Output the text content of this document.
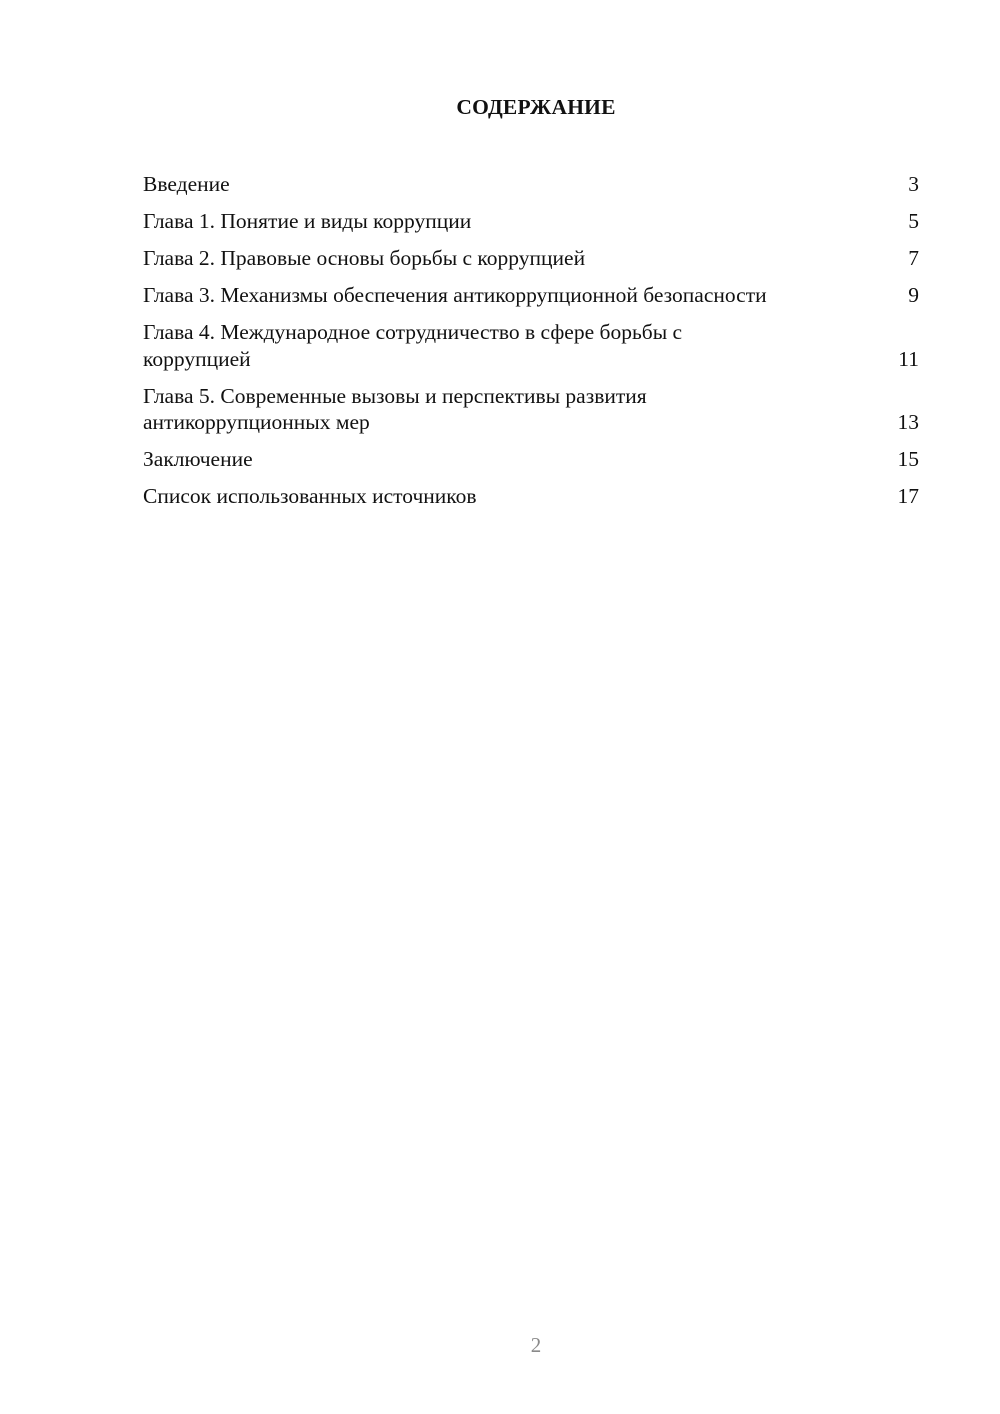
СОДЕРЖАНИЕ
Введение	3
Глава 1. Понятие и виды коррупции	5
Глава 2. Правовые основы борьбы с коррупцией	7
Глава 3. Механизмы обеспечения антикоррупционной безопасности	9
Глава 4. Международное сотрудничество в сфере борьбы с коррупцией	11
Глава 5. Современные вызовы и перспективы развития антикоррупционных мер	13
Заключение	15
Список использованных источников	17
2
